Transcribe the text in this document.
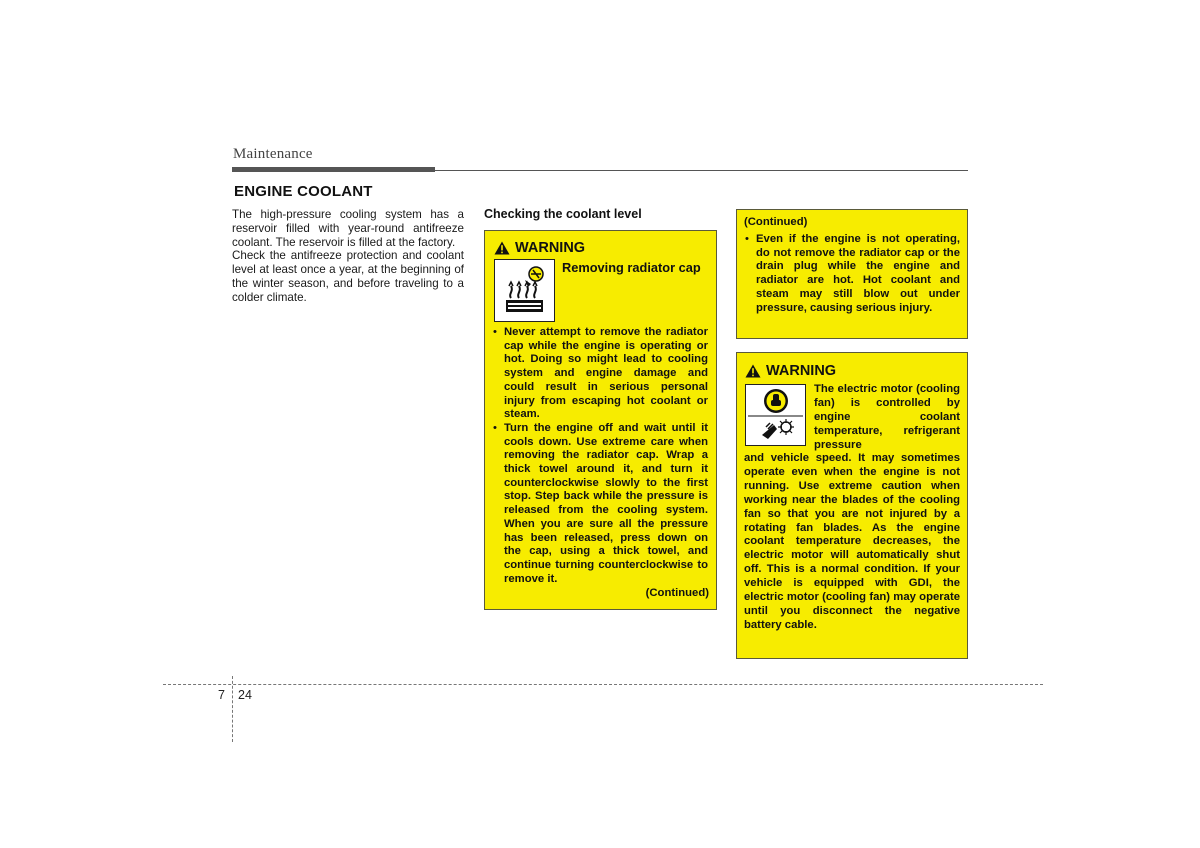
Maintenance
ENGINE COOLANT

The high-pressure cooling system has a reservoir filled with year-round antifreeze coolant. The reservoir is filled at the factory.

Check the antifreeze protection and coolant level at least once a year, at the beginning of the winter season, and before traveling to a colder climate.

Checking the coolant level
WARNING
Removing radiator cap
• Never attempt to remove the radiator cap while the engine is operating or hot. Doing so might lead to cooling system and engine damage and could result in serious personal injury from escaping hot coolant or steam.
• Turn the engine off and wait until it cools down. Use extreme care when removing the radiator cap. Wrap a thick towel around it, and turn it counterclockwise slowly to the first stop. Step back while the pressure is released from the cooling system. When you are sure all the pressure has been released, press down on the cap, using a thick towel, and continue turning counterclockwise to remove it.
(Continued)
(Continued)
• Even if the engine is not operating, do not remove the radiator cap or the drain plug while the engine and radiator are hot. Hot coolant and steam may still blow out under pressure, causing serious injury.
WARNING
The electric motor (cooling fan) is controlled by engine coolant temperature, refrigerant pressure
and vehicle speed. It may sometimes operate even when the engine is not running. Use extreme caution when working near the blades of the cooling fan so that you are not injured by a rotating fan blades. As the engine coolant temperature decreases, the electric motor will automatically shut off. This is a normal condition. If your vehicle is equipped with GDI, the electric motor (cooling fan) may operate until you disconnect the negative battery cable.
7 24
